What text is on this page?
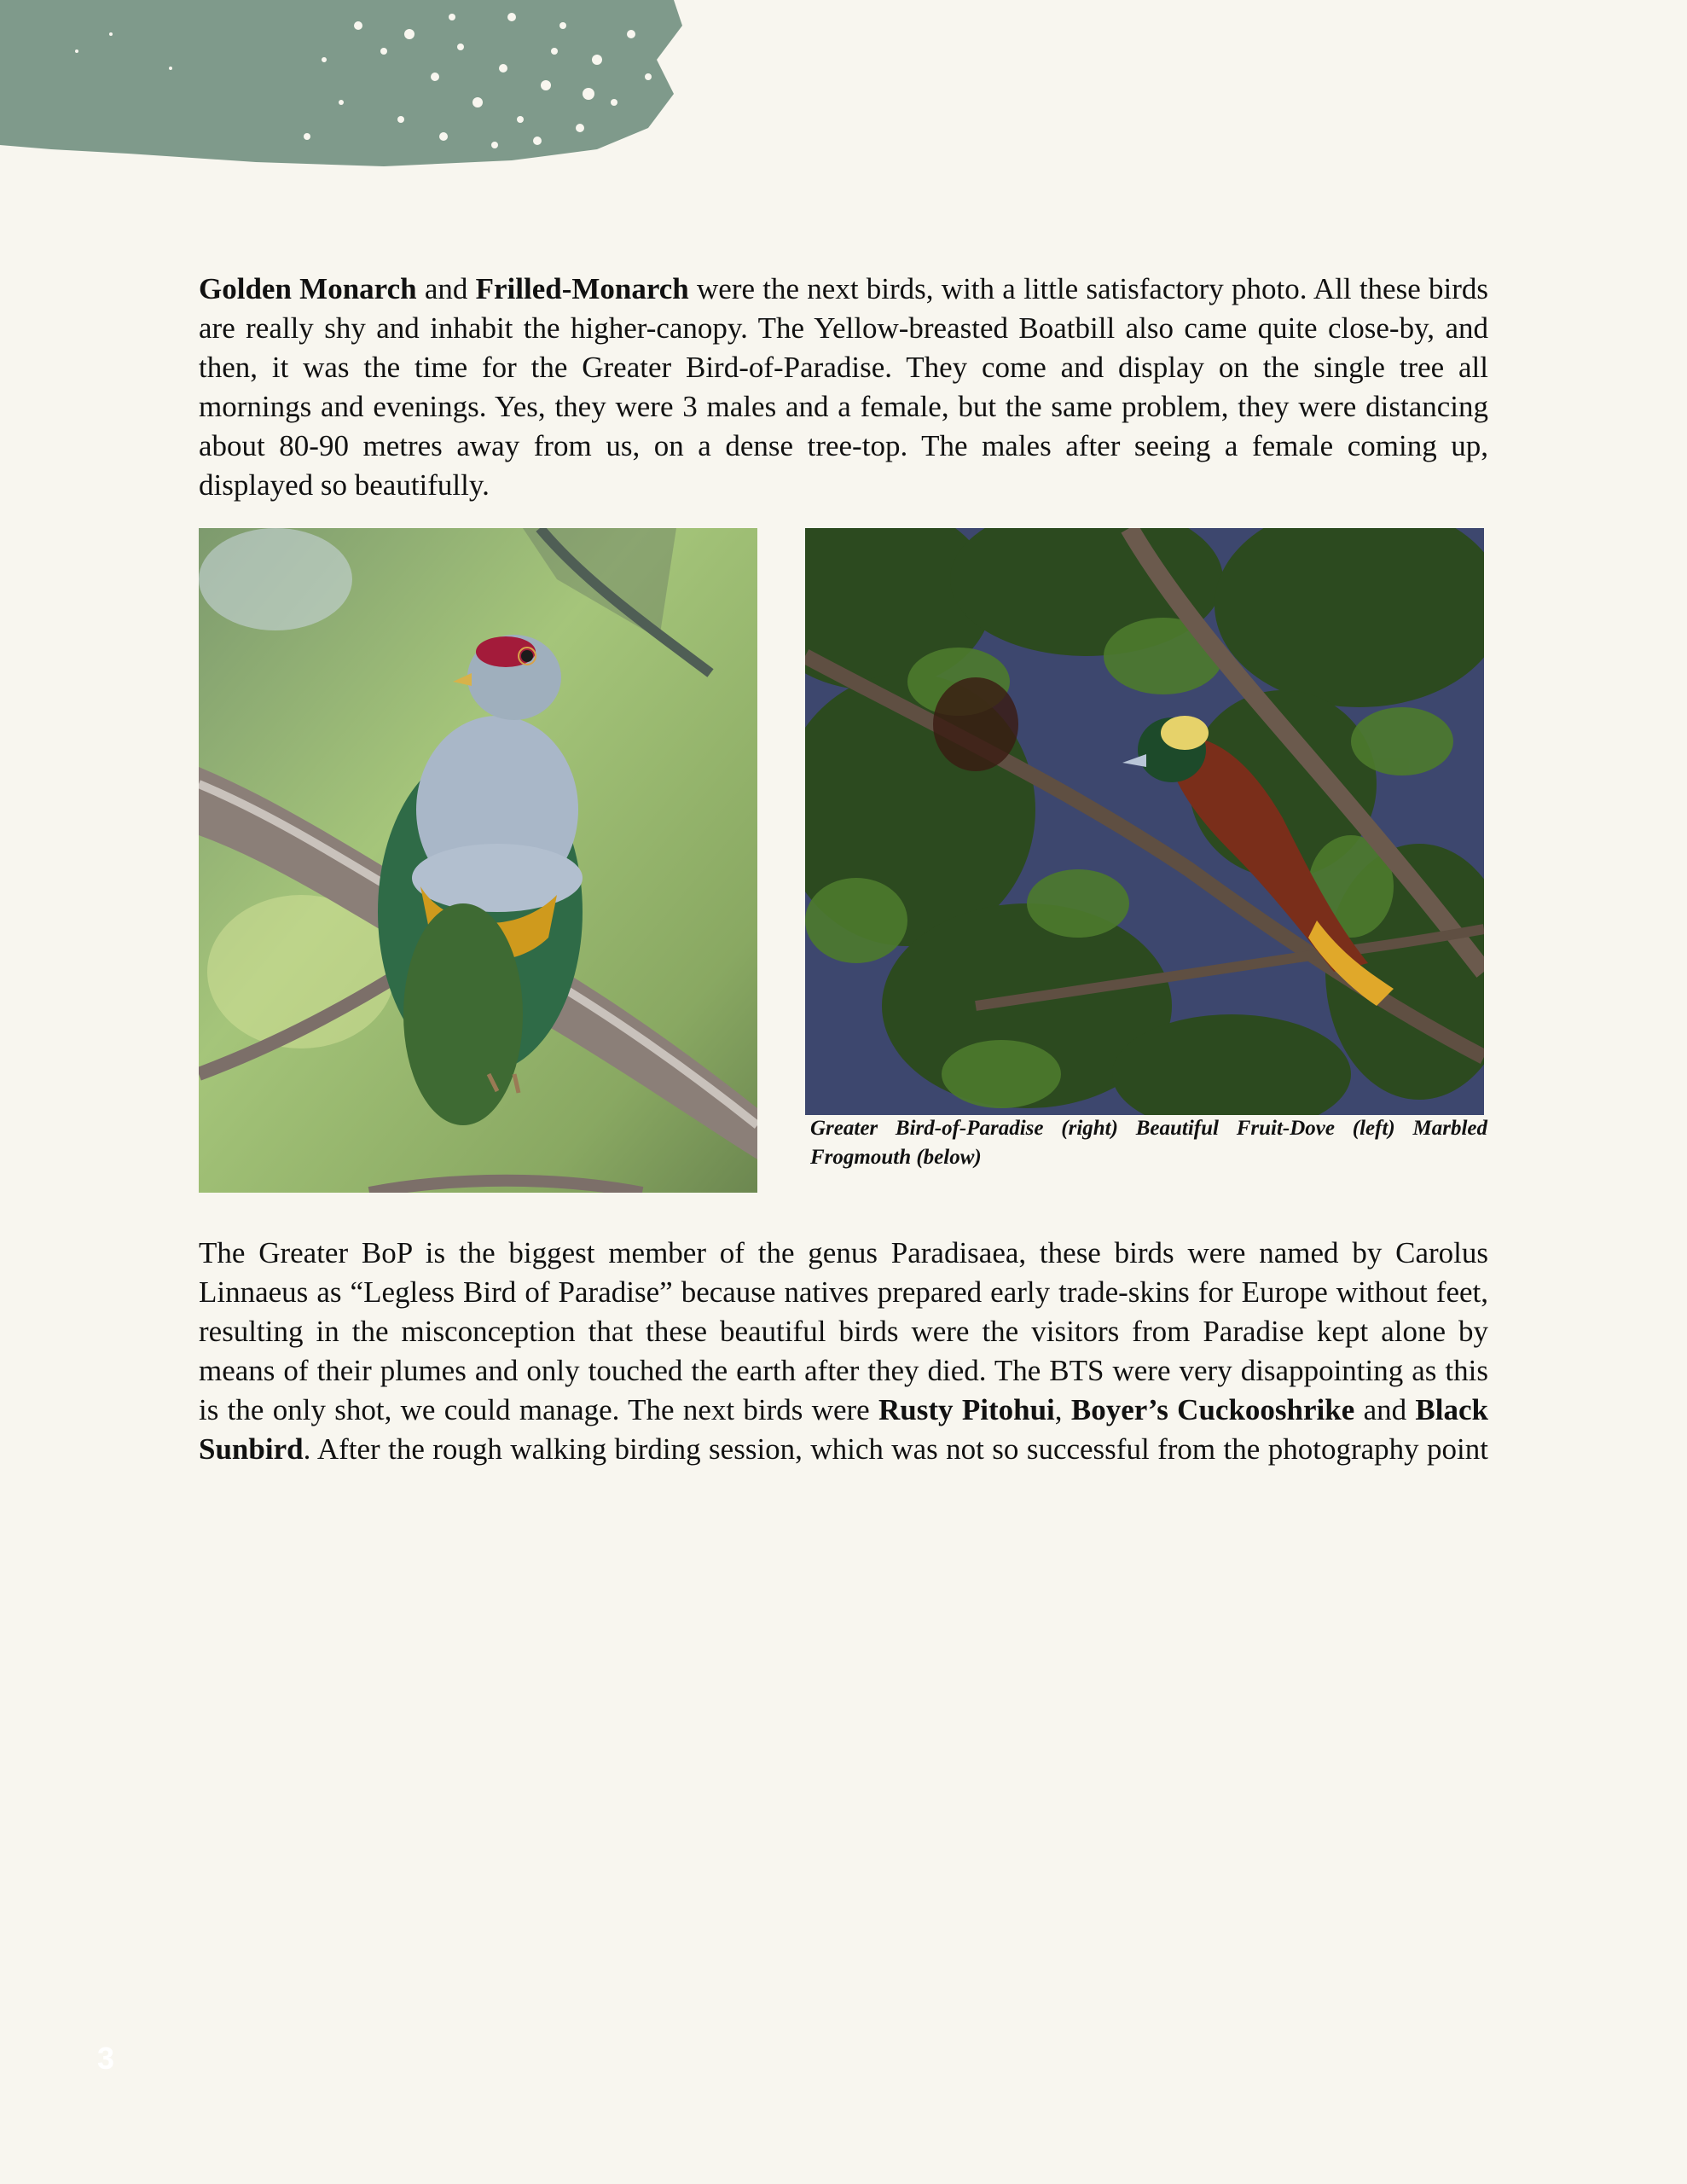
Golden Monarch and Frilled-Monarch were the next birds, with a little satisfactory photo. All these birds are really shy and inhabit the higher-canopy. The Yellow-breasted Boatbill also came quite close-by, and then, it was the time for the Greater Bird-of-Paradise. They come and display on the single tree all mornings and evenings. Yes, they were 3 males and a female, but the same problem, they were distancing about 80-90 metres away from us, on a dense tree-top. The males after seeing a female coming up, displayed so beautifully.

Greater Bird-of-Paradise (right) Beautiful Fruit-Dove (left) Marbled Frogmouth (below)

The Greater BoP is the biggest member of the genus Paradisaea, these birds were named by Carolus Linnaeus as “Legless Bird of Paradise” because natives prepared early trade-skins for Europe without feet, resulting in the misconception that these beautiful birds were the visitors from Paradise kept alone by means of their plumes and only touched the earth after they died. The BTS were very disappointing as this is the only shot, we could manage. The next birds were Rusty Pitohui, Boyer’s Cuckooshrike and Black Sunbird. After the rough walking birding session, which was not so successful from the photography point

3
